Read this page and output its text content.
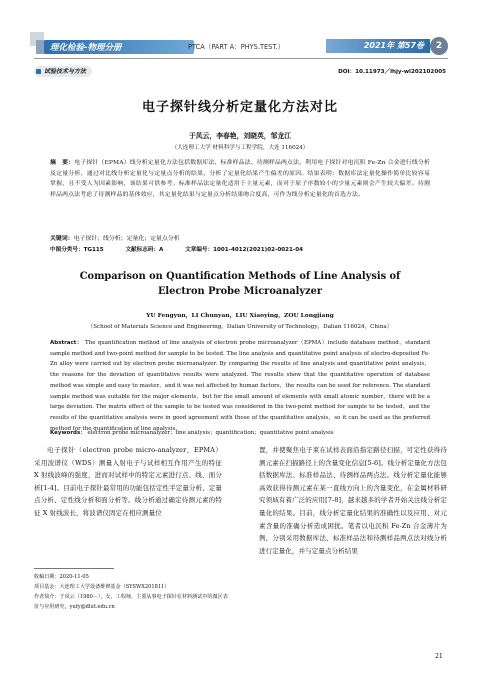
理化检验-物理分册	PTCA（PART A：PHYS.TEST.）	2021年 第57卷	2
试验技术与方法	DOI：10.11973／lhjy-wl202102005
电子探针线分析定量化方法对比
于凤云，李春艳，刘晓英，邹龙江
（大连理工大学 材料科学与工程学院，大连 116024）
摘　要：电子探针（EPMA）线分析定量化方法包括数据库法、标准样品法、待测样品两点法。利用电子探针对电沉积 Fe-Zn 合金进行线分析及定量分析，通过对比线分析定量化与定量点分析的结果，分析了定量化结果产生偏差的原因。结果表明：数据库法定量化操作简单比较容易掌握，且不受人为因素影响，该结果可供参考。标准样品法定量化适用于主量元素，而对于原子序数较小的少量元素则会产生较大偏差。待测样品两点法考虑了待测样品的基体效应，其定量化结果与定量点分析结果吻合度高，可作为线分析定量化的首选方法。
关键词：电子探针；线分析；定量化；定量点分析
中图分类号：TG115	文献标志码：A	文章编号：1001-4012(2021)02-0021-04
Comparison on Quantification Methods of Line Analysis of
Electron Probe Microanalyzer
YU Fengyun，LI Chunyan，LIU Xiaoying，ZOU Longjiang
（School of Materials Science and Engineering，Dalian University of Technology，Dalian 116024，China）
Abstract： The quantification method of line analysis of electron probe microanalyzer（EPMA）include database method，standard sample method and two-point method for sample to be tested. The line analysis and quantitative point analysis of electro-deposited Fe-Zn alloy were carried out by electron probe microanalyzer. By comparing the results of line analysis and quantitative point analysis，the reasons for the deviation of quantitative results were analyzed. The results show that the quantitative operation of database method was simple and easy to master，and it was not affected by human factors，the results can be used for reference. The standard sample method was suitable for the major elements，but for the small amount of elements with small atomic number，there will be a large deviation. The matrix effect of the sample to be tested was considered in the two-point method for sample to be tested，and the results of the quantitative analysis were in good agreement with those of the quantitative analysis，so it can be used as the preferred method for the quantification of line analysis.
Keywords： electron probe microanalyzer；line analysis；quantification；quantitative point analysis
电子探针（electron probe micro-analyzer，EPMA）采用波谱仪（WDS）测量入射电子与试样相互作用产生的特征 X 射线波峰的强度，进而对试样中的特定元素进行点、线、面分析[1-4]。目前电子探针最常用的功能包括定性半定量分析、定量点分析、定性线分析和面分析等。线分析通过确定待测元素的特征 X 射线波长，将波谱仪固定在相应测量位
置，并使聚焦电子束在试样表面沿指定路径扫描，可定性获得待测元素在扫描路径上的含量变化信息[5-6]。线分析定量化方法包括数据库法、标准样品法、待测样品两点法。线分析定量化能够高效获得待测元素在某一直线方向上的含量变化，在金属材料研究领域有着广泛的应用[7-8]，越来越多的学者开始关注线分析定量化的结果。目前，线分析定量化结果的准确性以及应用、对元素含量的准确分析造成困扰。笔者以电沉积 Fe-Zn 合金薄片为例，分别采用数据库法、标准样品法和待测样品两点法对线分析进行定量化，并与定量点分析结果
收稿日期：2020-11-05
项目基金：大连理工大学设备维修基金（SYSWX201811）
作者简介：于凤云（1980－），女，工程师，主要从事电子探针在材料测试中的微区表征与应用研究，yufy@dlut.edu.cn
21
